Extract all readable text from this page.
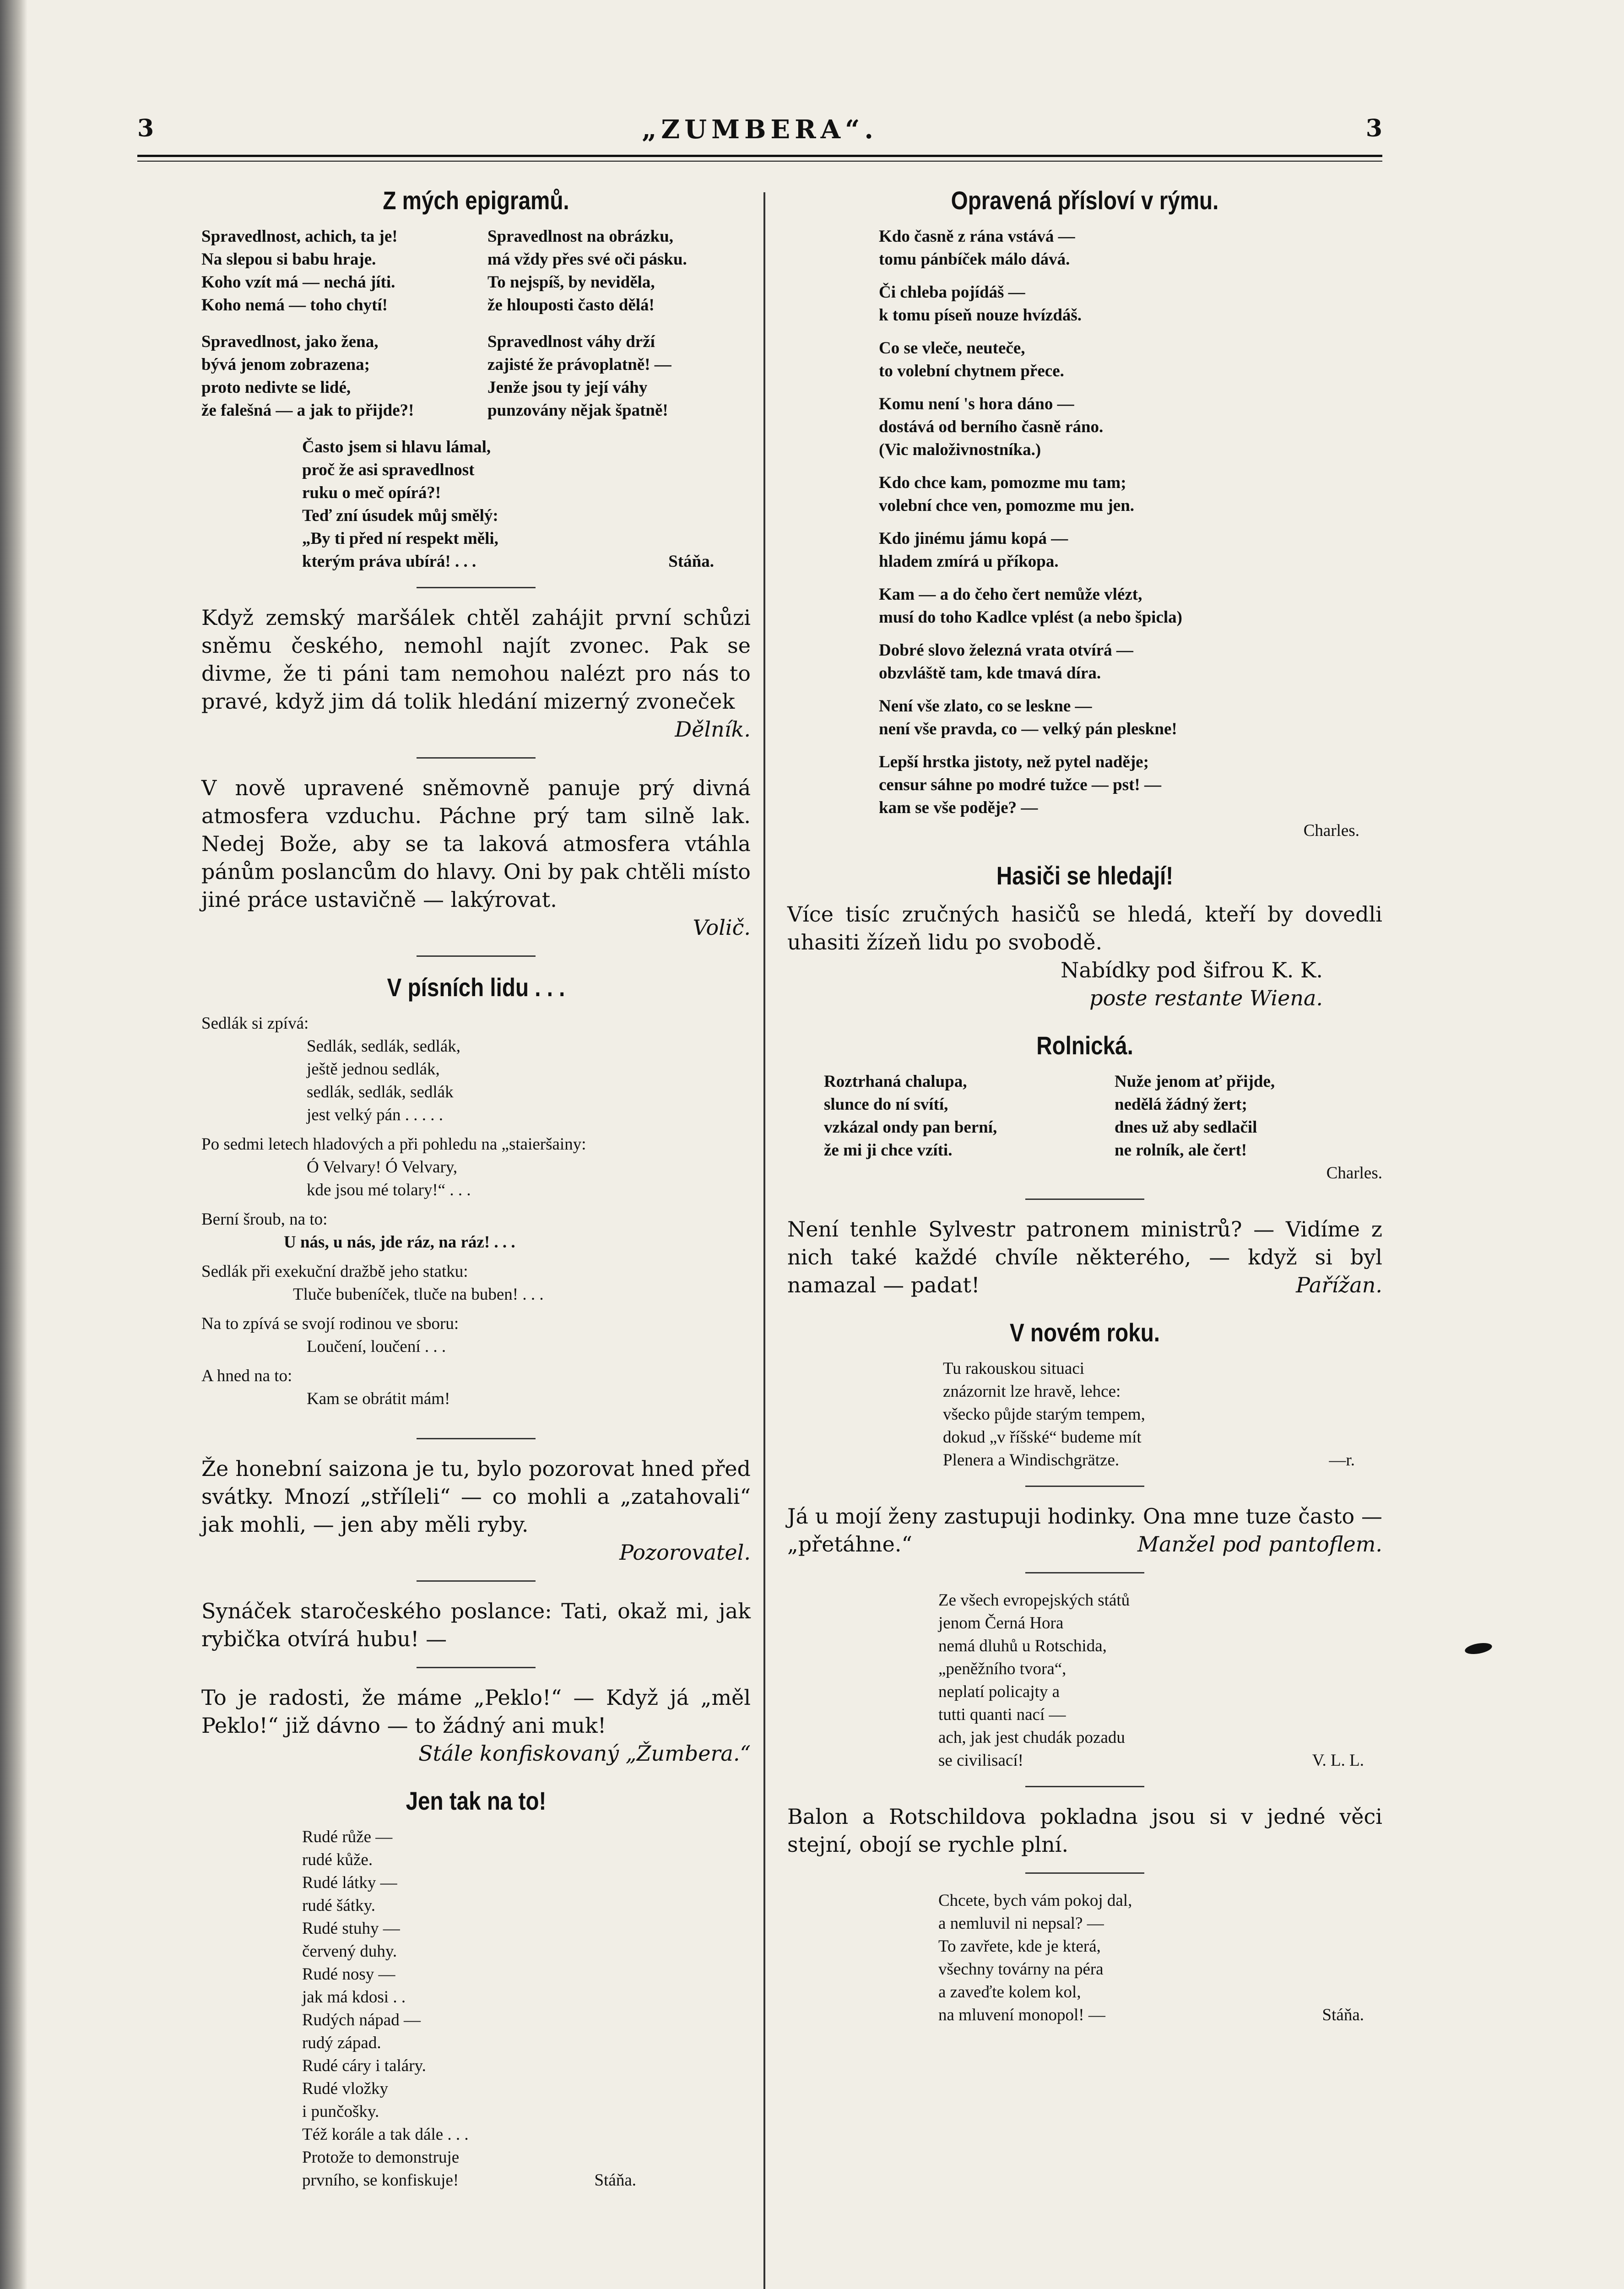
3	„ZUMBERA“.	3
Z mých epigramů.

Spravedlnost, achich, ta je!
Na slepou si babu hraje.
Koho vzít má — nechá jíti.
Koho nemá — toho chytí!

Spravedlnost na obrázku,
má vždy přes své oči pásku.
To nejspíš, by neviděla,
že hlouposti často dělá!

Spravedlnost, jako žena,
bývá jenom zobrazena;
proto nedivte se lidé,
že falešná — a jak to přijde?!

Spravedlnost váhy drží
zajisté že právoplatně! —
Jenže jsou ty její váhy
punzovány nějak špatně!

Často jsem si hlavu lámal,
proč že asi spravedlnost
ruku o meč opírá?!
Teď zní úsudek můj smělý:
„By ti před ní respekt měli,
kterým práva ubírá! . . .	Stáňa.

Když zemský maršálek chtěl zahájit první schůzi sněmu českého, nemohl najít zvonec. Pak se divme, že ti páni tam nemohou nalézt pro nás to pravé, když jim dá tolik hledání mizerný zvoneček

Dělník.

V nově upravené sněmovně panuje prý divná atmosfera vzduchu. Páchne prý tam silně lak. Nedej Bože, aby se ta laková atmosfera vtáhla pánům poslancům do hlavy. Oni by pak chtěli místo jiné práce ustavičně — lakýrovat.

Volič.

V písních lidu . . .

Sedlák si zpívá:

Sedlák, sedlák, sedlák,
ještě jednou sedlák,
sedlák, sedlák, sedlák
jest velký pán . . . . .

Po sedmi letech hladových a při pohledu na „staieršainy:

Ó Velvary! Ó Velvary,
kde jsou mé tolary!“ . . .

Berní šroub, na to:

U nás, u nás, jde ráz, na ráz! . . .

Sedlák při exekuční dražbě jeho statku:

Tluče bubeníček, tluče na buben! . . .

Na to zpívá se svojí rodinou ve sboru:

Loučení, loučení . . .

A hned na to:

Kam se obrátit mám!

Že honební saizona je tu, bylo pozorovat hned před svátky. Mnozí „stříleli“ — co mohli a „zatahovali“ jak mohli, — jen aby měli ryby.

Pozorovatel.

Synáček staročeského poslance: Tati, okaž mi, jak rybička otvírá hubu! —

To je radosti, že máme „Peklo!“ — Když já „měl Peklo!“ již dávno — to žádný ani muk!

Stále konfiskovaný „Žumbera.“

Jen tak na to!

Rudé růže —
rudé kůže.
Rudé látky —
rudé šátky.
Rudé stuhy —
červený duhy.
Rudé nosy —
jak má kdosi . .
Rudých nápad —
rudý západ.
Rudé cáry i taláry.
Rudé vložky
i punčošky.
Též korále a tak dále . . .
Protože to demonstruje
prvního, se konfiskuje!	Stáňa.

Opravená přísloví v rýmu.

Kdo časně z rána vstává —
tomu pánbíček málo dává.

Či chleba pojídáš —
k tomu píseň nouze hvízdáš.

Co se vleče, neuteče,
to volební chytnem přece.

Komu není 's hora dáno —
dostává od berního časně ráno.
(Vic maloživnostníka.)

Kdo chce kam, pomozme mu tam;
volební chce ven, pomozme mu jen.

Kdo jinému jámu kopá —
hladem zmírá u příkopa.

Kam — a do čeho čert nemůže vlézt,
musí do toho Kadlce vplést (a nebo špicla)

Dobré slovo železná vrata otvírá —
obzvláště tam, kde tmavá díra.

Není vše zlato, co se leskne —
není vše pravda, co — velký pán pleskne!

Lepší hrstka jistoty, než pytel naděje;
censur sáhne po modré tužce — pst! —
kam se vše poděje? —

Charles.

Hasiči se hledají!

Více tisíc zručných hasičů se hledá, kteří by dovedli uhasiti žízeň lidu po svobodě.

Nabídky pod šifrou K. K.

poste restante Wiena.

Rolnická.

Roztrhaná chalupa,
slunce do ní svítí,
vzkázal ondy pan berní,
že mi ji chce vzíti.

Nuže jenom ať přijde,
nedělá žádný žert;
dnes už aby sedlačil
ne rolník, ale čert!

Charles.

Není tenhle Sylvestr patronem ministrů? — Vidíme z nich také každé chvíle některého, — když si byl namazal — padat!	Pařížan.

V novém roku.

Tu rakouskou situaci
znázornit lze hravě, lehce:
všecko půjde starým tempem,
dokud „v říšské“ budeme mít
Plenera a Windischgrätze.	—r.

Já u mojí ženy zastupuji hodinky. Ona mne tuze často — „přetáhne.“	Manžel pod pantoflem.

Ze všech evropejských států
jenom Černá Hora
nemá dluhů u Rotschida,
„peněžního tvora“,
neplatí policajty a
tutti quanti nací —
ach, jak jest chudák pozadu
se civilisací!	V. L. L.

Balon a Rotschildova pokladna jsou si v jedné věci stejní, obojí se rychle plní.

Chcete, bych vám pokoj dal,
a nemluvil ni nepsal? —
To zavřete, kde je která,
všechny továrny na péra
a zaveďte kolem kol,
na mluvení monopol! —	Stáňa.
